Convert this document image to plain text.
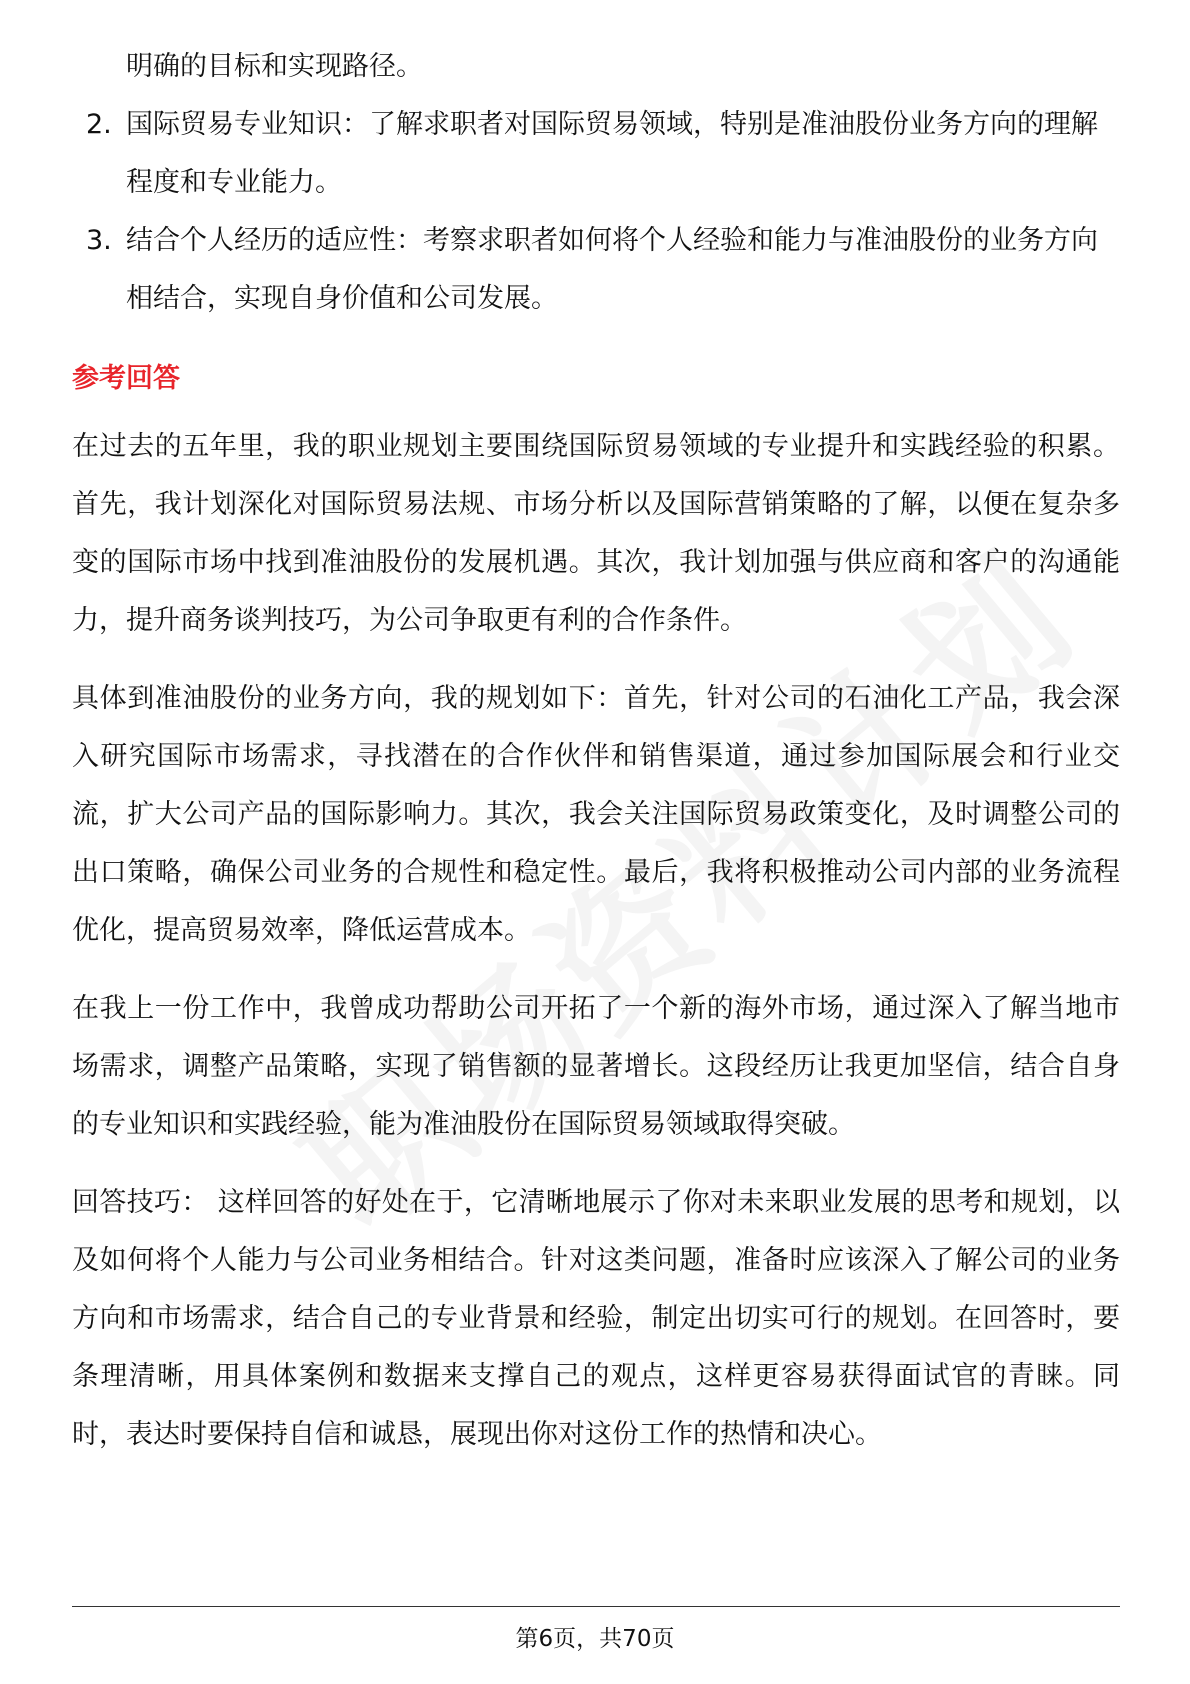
明确的目标和实现路径。
2. 国际贸易专业知识：了解求职者对国际贸易领域，特别是准油股份业务方向的理解程度和专业能力。
3. 结合个人经历的适应性：考察求职者如何将个人经验和能力与准油股份的业务方向相结合，实现自身价值和公司发展。
参考回答
在过去的五年里，我的职业规划主要围绕国际贸易领域的专业提升和实践经验的积累。首先，我计划深化对国际贸易法规、市场分析以及国际营销策略的了解，以便在复杂多变的国际市场中找到准油股份的发展机遇。其次，我计划加强与供应商和客户的沟通能力，提升商务谈判技巧，为公司争取更有利的合作条件。
具体到准油股份的业务方向，我的规划如下：首先，针对公司的石油化工产品，我会深入研究国际市场需求，寻找潜在的合作伙伴和销售渠道，通过参加国际展会和行业交流，扩大公司产品的国际影响力。其次，我会关注国际贸易政策变化，及时调整公司的出口策略，确保公司业务的合规性和稳定性。最后，我将积极推动公司内部的业务流程优化，提高贸易效率，降低运营成本。
在我上一份工作中，我曾成功帮助公司开拓了一个新的海外市场，通过深入了解当地市场需求，调整产品策略，实现了销售额的显著增长。这段经历让我更加坚信，结合自身的专业知识和实践经验，能为准油股份在国际贸易领域取得突破。
回答技巧： 这样回答的好处在于，它清晰地展示了你对未来职业发展的思考和规划，以及如何将个人能力与公司业务相结合。针对这类问题，准备时应该深入了解公司的业务方向和市场需求，结合自己的专业背景和经验，制定出切实可行的规划。在回答时，要条理清晰，用具体案例和数据来支撑自己的观点，这样更容易获得面试官的青睐。同时，表达时要保持自信和诚恳，展现出你对这份工作的热情和决心。
第6页，共70页
